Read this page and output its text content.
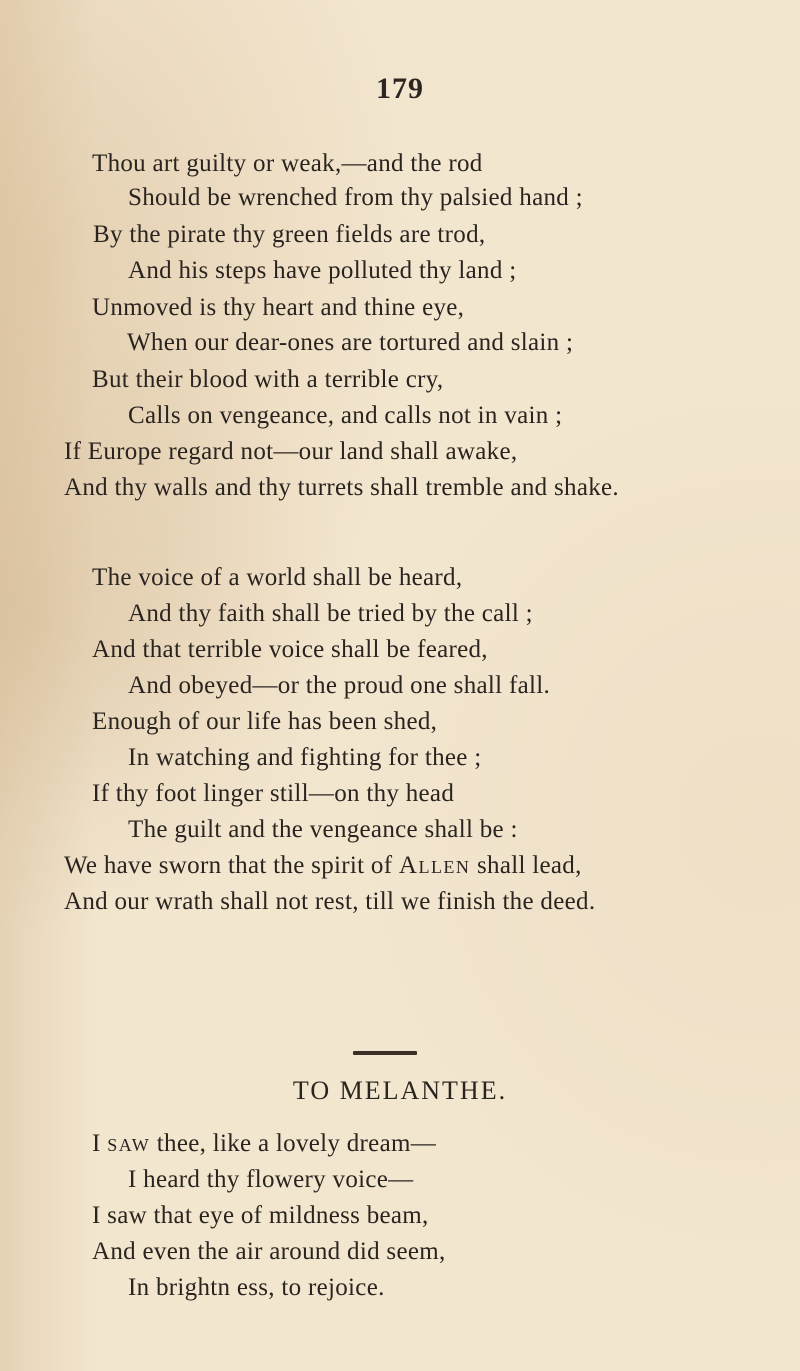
179
Thou art guilty or weak,—and the rod
Should be wrenched from thy palsied hand ;
By the pirate thy green fields are trod,
And his steps have polluted thy land ;
Unmoved is thy heart and thine eye,
When our dear-ones are tortured and slain ;
But their blood with a terrible cry,
Calls on vengeance, and calls not in vain ;
If Europe regard not—our land shall awake,
And thy walls and thy turrets shall tremble and shake.
The voice of a world shall be heard,
And thy faith shall be tried by the call ;
And that terrible voice shall be feared,
And obeyed—or the proud one shall fall.
Enough of our life has been shed,
In watching and fighting for thee ;
If thy foot linger still—on thy head
The guilt and the vengeance shall be :
We have sworn that the spirit of Allen shall lead,
And our wrath shall not rest, till we finish the deed.
TO MELANTHE.
I saw thee, like a lovely dream—
I heard thy flowery voice—
I saw that eye of mildness beam,
And even the air around did seem,
In brightn ess, to rejoice.
